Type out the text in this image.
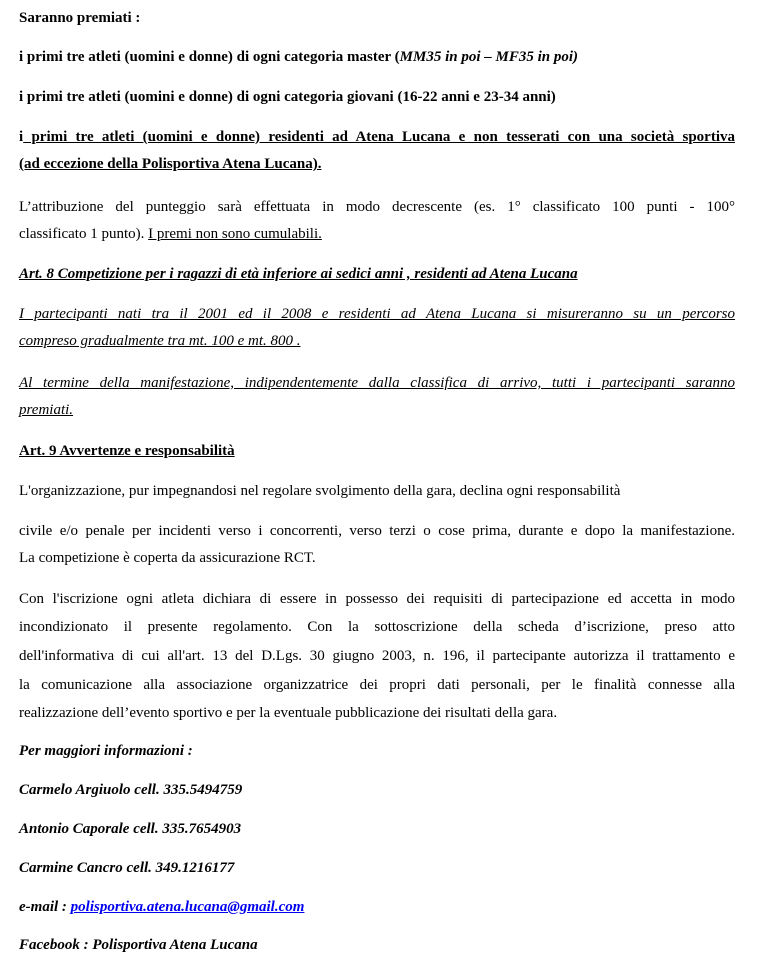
Saranno premiati :
i primi tre atleti (uomini e donne) di ogni categoria master (MM35 in poi – MF35 in poi)
i primi tre atleti (uomini e donne) di ogni categoria giovani (16-22 anni e 23-34 anni)
i primi tre atleti (uomini e donne) residenti ad Atena Lucana e non tesserati con una società sportiva
(ad eccezione della Polisportiva Atena Lucana).
L’attribuzione del punteggio sarà effettuata in modo decrescente (es. 1° classificato 100 punti - 100°
classificato 1 punto). I premi non sono cumulabili.
Art. 8 Competizione per i ragazzi di età inferiore ai sedici anni , residenti ad Atena Lucana
I partecipanti nati tra il 2001 ed il 2008 e residenti ad Atena Lucana si misureranno su un percorso
compreso gradualmente tra mt. 100 e mt. 800 .
Al termine della manifestazione, indipendentemente dalla classifica di arrivo, tutti i partecipanti saranno
premiati.
Art. 9 Avvertenze e responsabilità
L'organizzazione, pur impegnandosi nel regolare svolgimento della gara, declina ogni responsabilità
civile e/o penale per incidenti verso i concorrenti, verso terzi o cose prima, durante e dopo la manifestazione.
La competizione è coperta da assicurazione RCT.
Con l'iscrizione ogni atleta dichiara di essere in possesso dei requisiti di partecipazione ed accetta in modo
incondizionato il presente regolamento. Con la sottoscrizione della scheda d’iscrizione, preso atto
dell'informativa di cui all'art. 13 del D.Lgs. 30 giugno 2003, n. 196, il partecipante autorizza il trattamento e
la comunicazione alla associazione organizzatrice dei propri dati personali, per le finalità connesse alla
realizzazione dell’evento sportivo e per la eventuale pubblicazione dei risultati della gara.
Per maggiori informazioni :
Carmelo Argiuolo cell. 335.5494759
Antonio Caporale cell. 335.7654903
Carmine Cancro cell. 349.1216177
e-mail : polisportiva.atena.lucana@gmail.com
Facebook : Polisportiva Atena Lucana
